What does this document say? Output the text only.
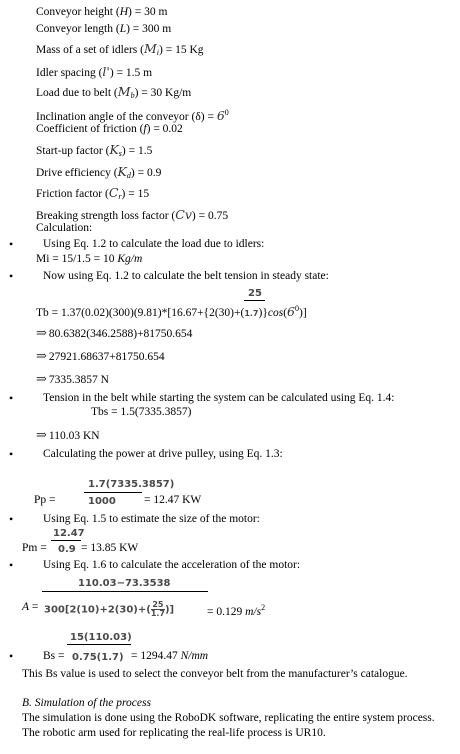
Conveyor height (H) = 30 m
Conveyor length (L) = 300 m
Mass of a set of idlers $(M_i) = 15$ Kg
Idler spacing (l') = 1.5 m
Load due to belt $(M_b) = 30$ Kg/m
Inclination angle of the conveyor $(\delta) = 6^0$
Coefficient of friction (f) = 0.02
Start-up factor $(K_s) = 1.5$
Drive efficiency $(K_d) = 0.9$
Friction factor $(C_r) = 15$
Breaking strength loss factor (Cv) = 0.75
Calculation:
•	Using Eq. 1.2 to calculate the load due to idlers:
Mi = 15/1.5 = 10 Kg/m
•	Now using Eq. 1.2 to calculate the belt tension in steady state:
25
$Tb = 1.37(0.02)(300)(9.81)*[16.67+\{2(30)+(1.7)\}\cos(6^0)]$
⇒ 80.6382(346.2588)+81750.654
⇒ 27921.68637+81750.654
⇒ 7335.3857 N
•	Tension in the belt while starting the system can be calculated using Eq. 1.4:
Tbs = 1.5(7335.3857)
⇒ 110.03 KN
•	Calculating the power at drive pulley, using Eq. 1.3:
1.7(7335.3857)
Pp =	1000 = 12.47 KW
•	Using Eq. 1.5 to estimate the size of the motor:
12.47
Pm = 0.9 = 13.85 KW
•	Using Eq. 1.6 to calculate the acceleration of the motor:
110.03−73.3538
$A = 300[2(10)+2(30)+( \frac{25}{1.7}$ )]	= 0.129 $m/s^2$
15(110.03)
•	Bs = 0.75(1.7) = 1294.47 N/mm
This Bs value is used to select the conveyor belt from the manufacturer’s catalogue.
B. Simulation of the process
The simulation is done using the RoboDK software, replicating the entire system process.
The robotic arm used for replicating the real-life process is UR10.
